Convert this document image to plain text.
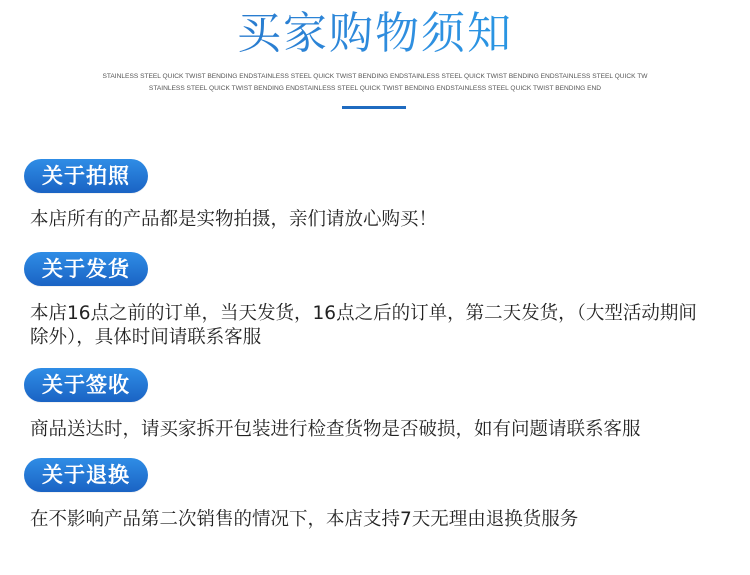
买家购物须知
STAINLESS STEEL QUICK TWIST BENDING ENDSTAINLESS STEEL QUICK TWIST BENDING ENDSTAINLESS STEEL QUICK TWIST BENDING ENDSTAINLESS STEEL QUICK TW
STAINLESS STEEL QUICK TWIST BENDING ENDSTAINLESS STEEL QUICK TWIST BENDING ENDSTAINLESS STEEL QUICK TWIST BENDING END
关于拍照
本店所有的产品都是实物拍摄，亲们请放心购买！
关于发货
本店16点之前的订单，当天发货，16点之后的订单，第二天发货，（大型活动期间除外），具体时间请联系客服
关于签收
商品送达时，请买家拆开包装进行检查货物是否破损，如有问题请联系客服
关于退换
在不影响产品第二次销售的情况下，本店支持7天无理由退换货服务
